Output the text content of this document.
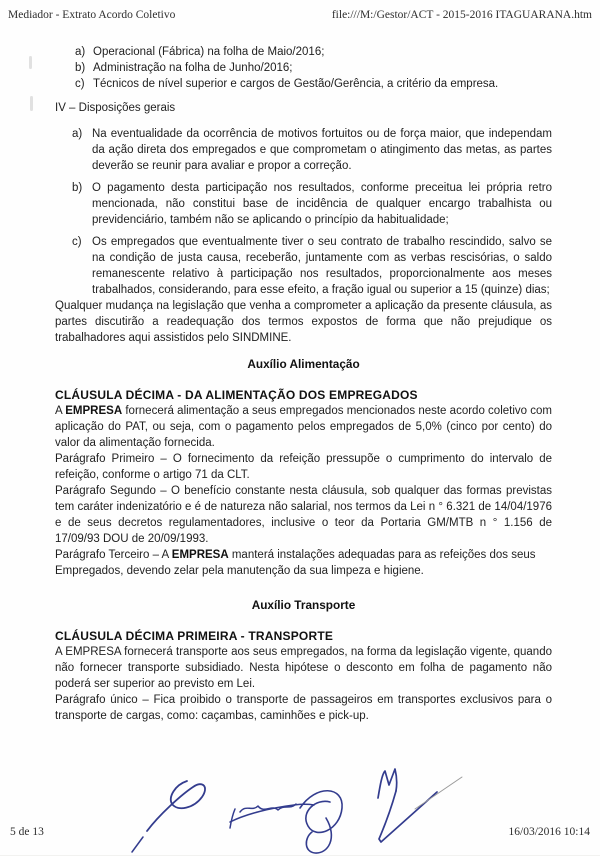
Mediador - Extrato Acordo Coletivo	file:///M:/Gestor/ACT - 2015-2016 ITAGUARANA.htm
a) Operacional (Fábrica) na folha de Maio/2016;
b) Administração na folha de Junho/2016;
c) Técnicos de nível superior e cargos de Gestão/Gerência, a critério da empresa.
IV – Disposições gerais
a) Na eventualidade da ocorrência de motivos fortuitos ou de força maior, que independam da ação direta dos empregados e que comprometam o atingimento das metas, as partes deverão se reunir para avaliar e propor a correção.
b) O pagamento desta participação nos resultados, conforme preceitua lei própria retro mencionada, não constitui base de incidência de qualquer encargo trabalhista ou previdenciário, também não se aplicando o princípio da habitualidade;
c) Os empregados que eventualmente tiver o seu contrato de trabalho rescindido, salvo se na condição de justa causa, receberão, juntamente com as verbas rescisórias, o saldo remanescente relativo à participação nos resultados, proporcionalmente aos meses trabalhados, considerando, para esse efeito, a fração igual ou superior a 15 (quinze) dias;

Qualquer mudança na legislação que venha a comprometer a aplicação da presente cláusula, as partes discutirão a readequação dos termos expostos de forma que não prejudique os trabalhadores aqui assistidos pelo SINDMINE.

Auxílio Alimentação
CLÁUSULA DÉCIMA - DA ALIMENTAÇÃO DOS EMPREGADOS

A EMPRESA fornecerá alimentação a seus empregados mencionados neste acordo coletivo com aplicação do PAT, ou seja, com o pagamento pelos empregados de 5,0% (cinco por cento) do valor da alimentação fornecida.

Parágrafo Primeiro – O fornecimento da refeição pressupõe o cumprimento do intervalo de refeição, conforme o artigo 71 da CLT.

Parágrafo Segundo – O benefício constante nesta cláusula, sob qualquer das formas previstas tem caráter indenizatório e é de natureza não salarial, nos termos da Lei n ° 6.321 de 14/04/1976 e de seus decretos regulamentadores, inclusive o teor da Portaria GM/MTB n ° 1.156 de 17/09/93 DOU de 20/09/1993.

Parágrafo Terceiro – A EMPRESA manterá instalações adequadas para as refeições dos seus Empregados, devendo zelar pela manutenção da sua limpeza e higiene.

Auxílio Transporte
CLÁUSULA DÉCIMA PRIMEIRA - TRANSPORTE

A EMPRESA fornecerá transporte aos seus empregados, na forma da legislação vigente, quando não fornecer transporte subsidiado. Nesta hipótese o desconto em folha de pagamento não poderá ser superior ao previsto em Lei.

Parágrafo único – Fica proibido o transporte de passageiros em transportes exclusivos para o transporte de cargas, como: caçambas, caminhões e pick-up.

5 de 13	16/03/2016 10:14
